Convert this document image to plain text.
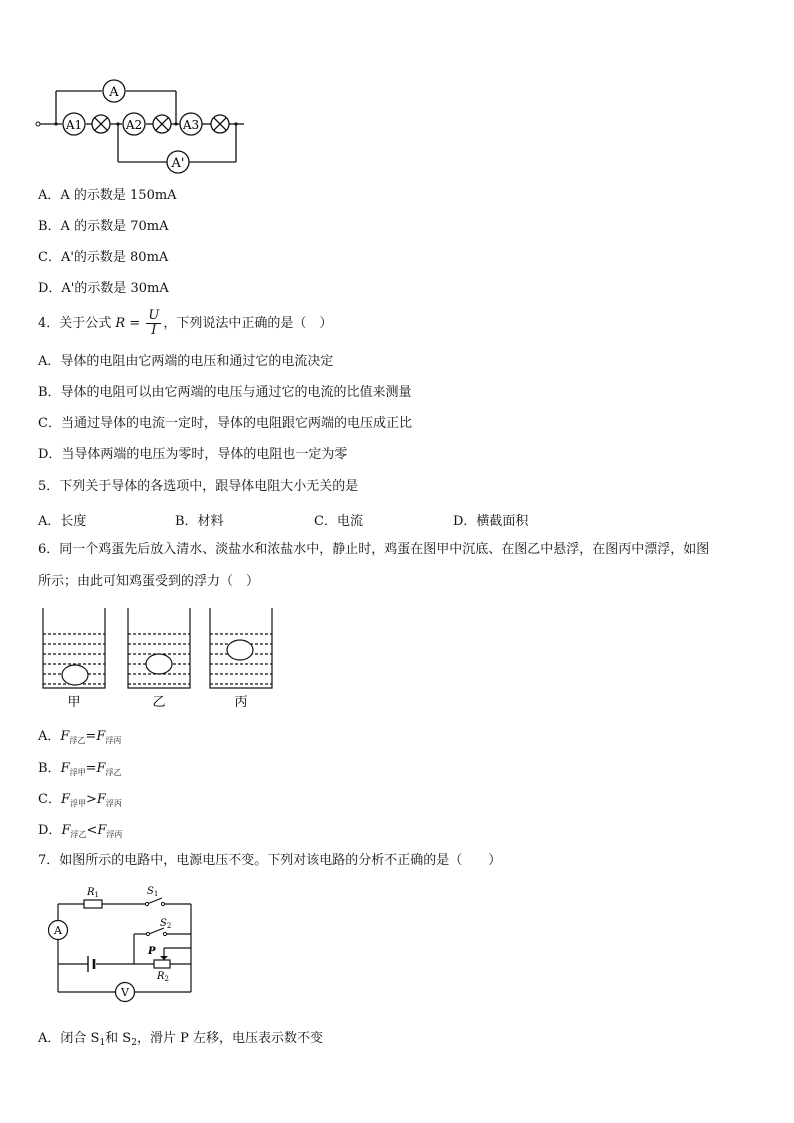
A
A1	A2	A3
A'
A．A 的示数是 150mA
B．A 的示数是 70mA
C．A'的示数是 80mA
D．A'的示数是 30mA
4．关于公式 $R = \frac{U}{I}$ ，下列说法中正确的是（　）
A．导体的电阻由它两端的电压和通过它的电流决定
B．导体的电阻可以由它两端的电压与通过它的电流的比值来测量
C．当通过导体的电流一定时，导体的电阻跟它两端的电压成正比
D．当导体两端的电压为零时，导体的电阻也一定为零
5．下列关于导体的各选项中，跟导体电阻大小无关的是
A．长度	B．材料	C．电流	D．横截面积
6．同一个鸡蛋先后放入清水、淡盐水和浓盐水中，静止时，鸡蛋在图甲中沉底、在图乙中悬浮，在图丙中漂浮，如图
所示；由此可知鸡蛋受到的浮力（　）
甲	乙	丙
A．$F_{浮乙}=F_{浮丙}$
B．$F_{浮甲}=F_{浮乙}$
C．$F_{浮甲}>F_{浮丙}$
D．$F_{浮乙}<F_{浮丙}$
7．如图所示的电路中，电源电压不变。下列对该电路的分析不正确的是（　　）
$R_1$	$S_1$
$S_2$
P
$R_2$
A
V
A．闭合 $S_1$和 $S_2$，滑片 P 左移，电压表示数不变
